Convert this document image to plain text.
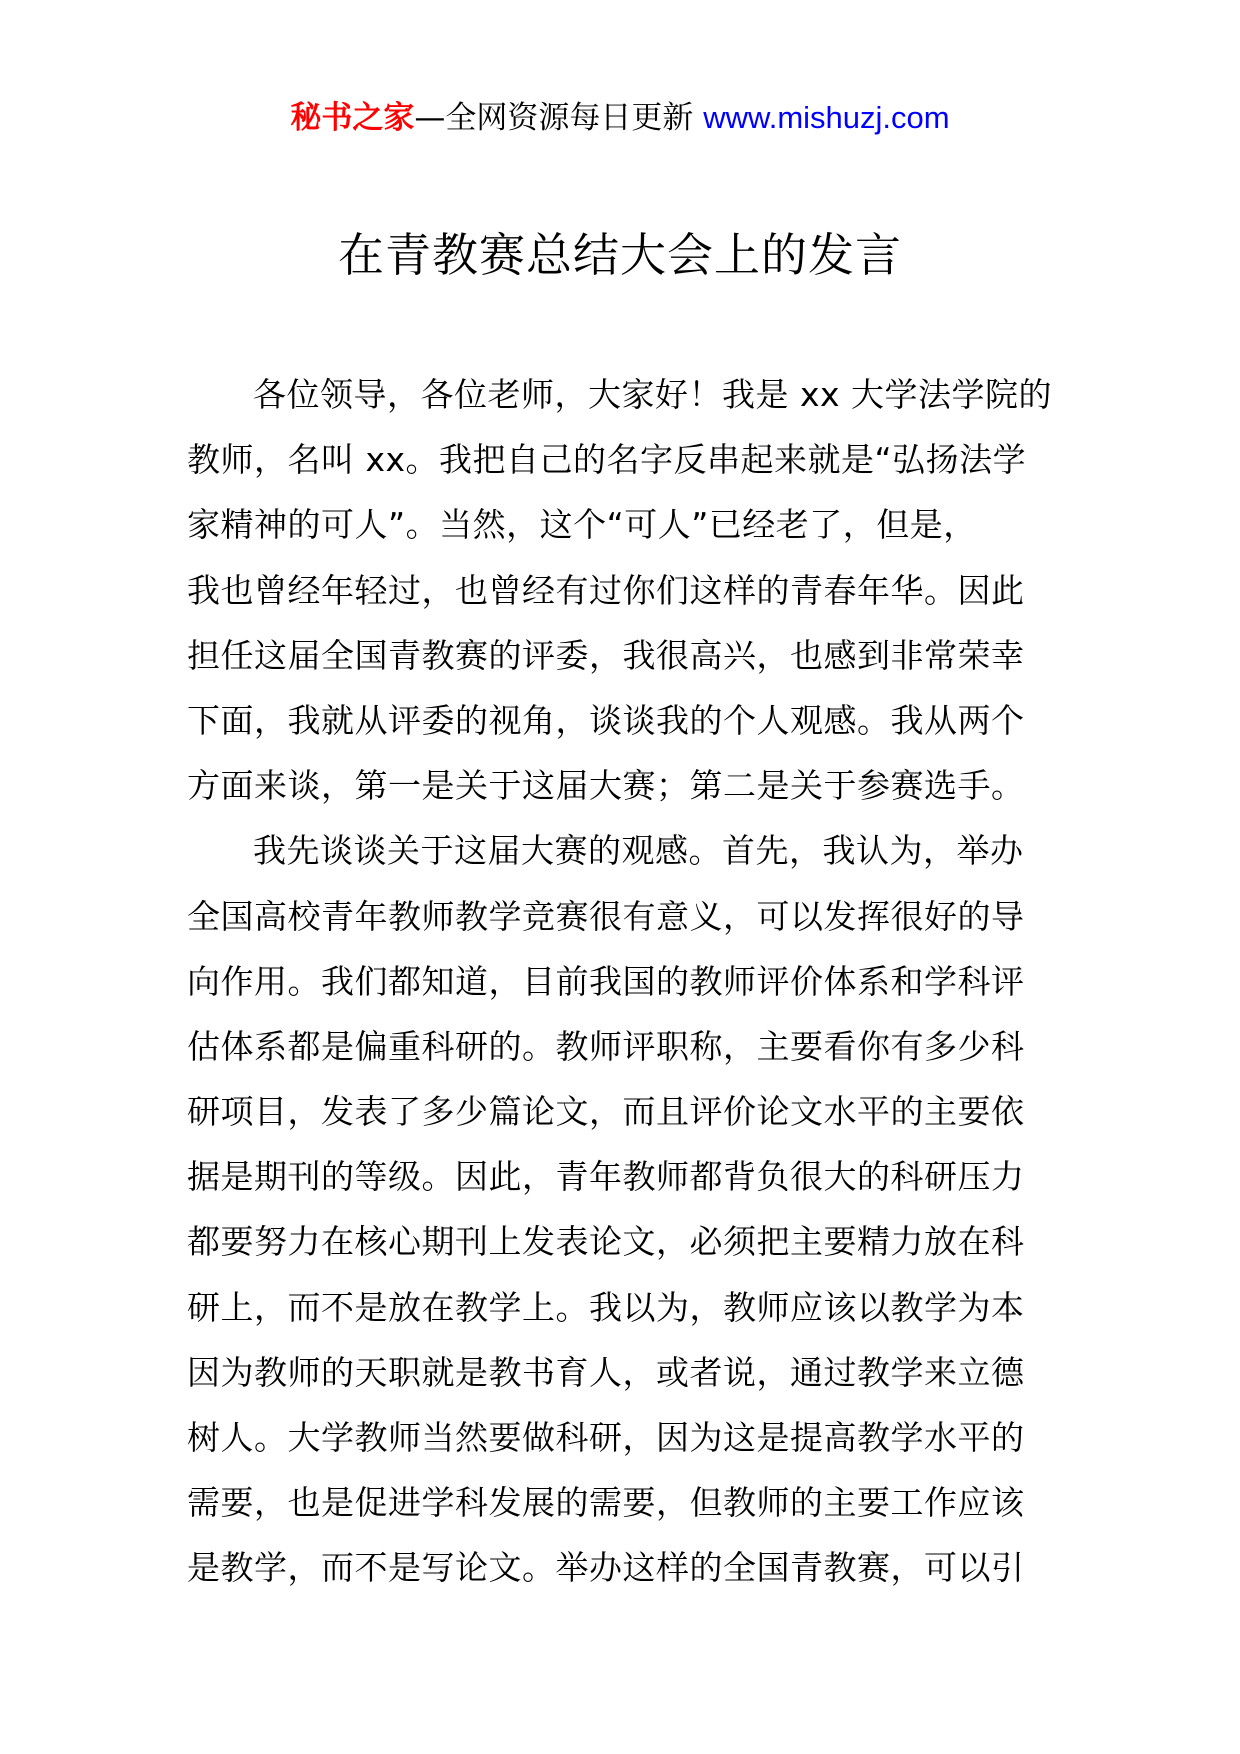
秘书之家—全网资源每日更新 www.mishuzj.com
在青教赛总结大会上的发言
各位领导，各位老师，大家好！我是 xx 大学法学院的
教师，名叫 xx。我把自己的名字反串起来就是“弘扬法学
家精神的可人”。当然，这个“可人”已经老了，但是，
我也曾经年轻过，也曾经有过你们这样的青春年华。因此
担任这届全国青教赛的评委，我很高兴，也感到非常荣幸
下面，我就从评委的视角，谈谈我的个人观感。我从两个
方面来谈，第一是关于这届大赛；第二是关于参赛选手。
我先谈谈关于这届大赛的观感。首先，我认为，举办
全国高校青年教师教学竞赛很有意义，可以发挥很好的导
向作用。我们都知道，目前我国的教师评价体系和学科评
估体系都是偏重科研的。教师评职称，主要看你有多少科
研项目，发表了多少篇论文，而且评价论文水平的主要依
据是期刊的等级。因此，青年教师都背负很大的科研压力
都要努力在核心期刊上发表论文，必须把主要精力放在科
研上，而不是放在教学上。我以为，教师应该以教学为本
因为教师的天职就是教书育人，或者说，通过教学来立德
树人。大学教师当然要做科研，因为这是提高教学水平的
需要，也是促进学科发展的需要，但教师的主要工作应该
是教学，而不是写论文。举办这样的全国青教赛，可以引
